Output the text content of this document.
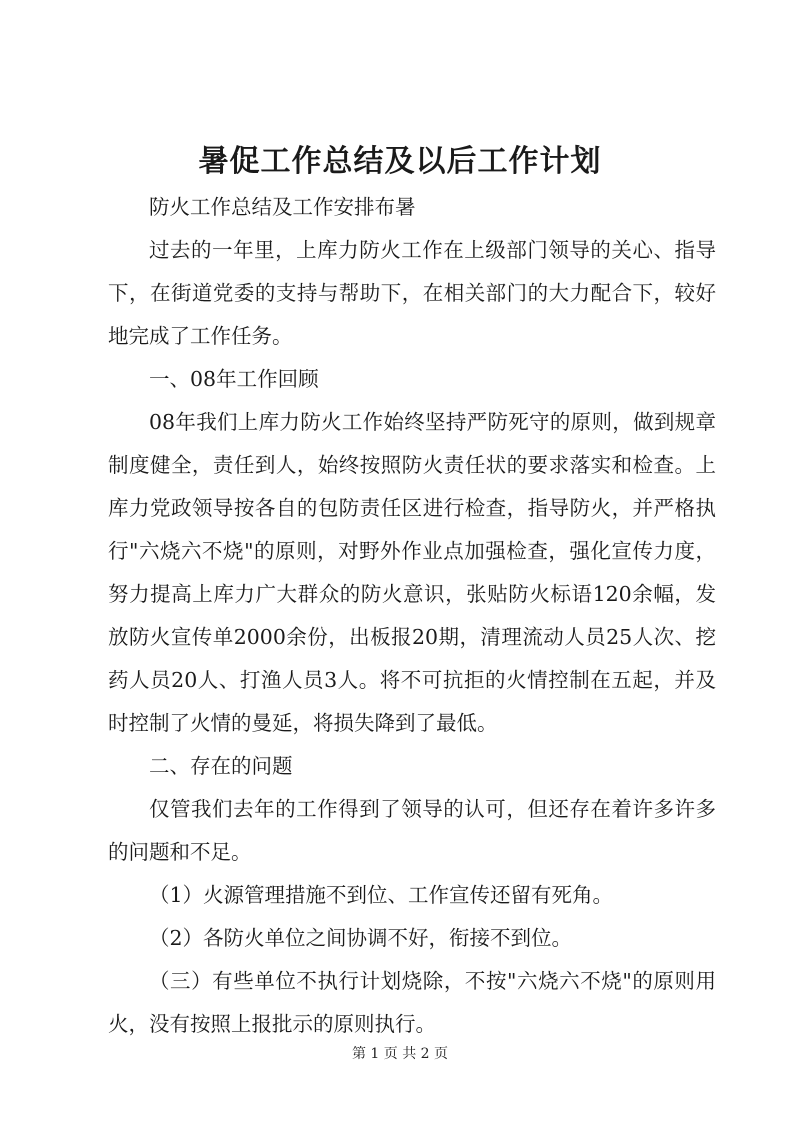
暑促工作总结及以后工作计划

防火工作总结及工作安排布暑

过去的一年里，上库力防火工作在上级部门领导的关心、指导下，在街道党委的支持与帮助下，在相关部门的大力配合下，较好地完成了工作任务。

一、08年工作回顾

08年我们上库力防火工作始终坚持严防死守的原则，做到规章制度健全，责任到人，始终按照防火责任状的要求落实和检查。上库力党政领导按各自的包防责任区进行检查，指导防火，并严格执行"六烧六不烧"的原则，对野外作业点加强检查，强化宣传力度，努力提高上库力广大群众的防火意识，张贴防火标语120余幅，发放防火宣传单2000余份，出板报20期，清理流动人员25人次、挖药人员20人、打渔人员3人。将不可抗拒的火情控制在五起，并及时控制了火情的曼延，将损失降到了最低。

二、存在的问题

仅管我们去年的工作得到了领导的认可，但还存在着许多许多的问题和不足。

（1）火源管理措施不到位、工作宣传还留有死角。

（2）各防火单位之间协调不好，衔接不到位。

（三）有些单位不执行计划烧除，不按"六烧六不烧"的原则用火，没有按照上报批示的原则执行。

第 1 页 共 2 页
